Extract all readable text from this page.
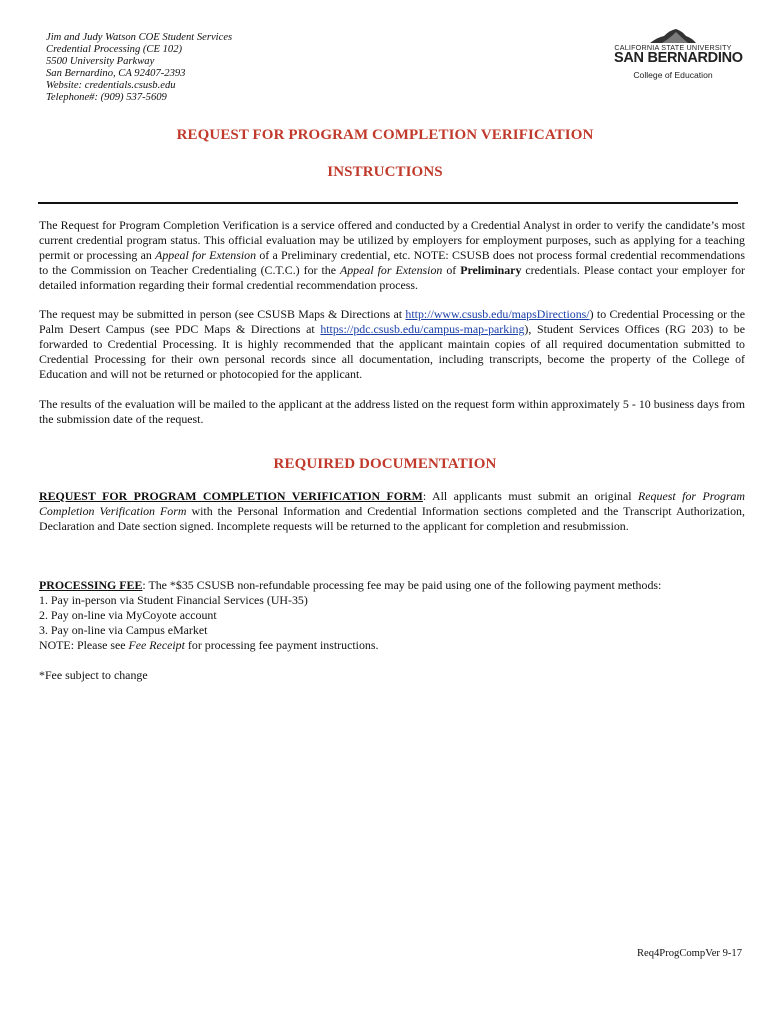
Jim and Judy Watson COE Student Services
Credential Processing (CE 102)
5500 University Parkway
San Bernardino, CA 92407-2393
Website: credentials.csusb.edu
Telephone#: (909) 537-5609
CALIFORNIA STATE UNIVERSITY
SAN BERNARDINO
College of Education
REQUEST FOR PROGRAM COMPLETION VERIFICATION
INSTRUCTIONS
The Request for Program Completion Verification is a service offered and conducted by a Credential Analyst in order to verify the candidate’s most current credential program status. This official evaluation may be utilized by employers for employment purposes, such as applying for a teaching permit or processing an Appeal for Extension of a Preliminary credential, etc. NOTE: CSUSB does not process formal credential recommendations to the Commission on Teacher Credentialing (C.T.C.) for the Appeal for Extension of Preliminary credentials. Please contact your employer for detailed information regarding their formal credential recommendation process.
The request may be submitted in person (see CSUSB Maps & Directions at http://www.csusb.edu/mapsDirections/) to Credential Processing or the Palm Desert Campus (see PDC Maps & Directions at https://pdc.csusb.edu/campus-map-parking), Student Services Offices (RG 203) to be forwarded to Credential Processing. It is highly recommended that the applicant maintain copies of all required documentation submitted to Credential Processing for their own personal records since all documentation, including transcripts, become the property of the College of Education and will not be returned or photocopied for the applicant.
The results of the evaluation will be mailed to the applicant at the address listed on the request form within approximately 5 - 10 business days from the submission date of the request.
REQUIRED DOCUMENTATION
REQUEST FOR PROGRAM COMPLETION VERIFICATION FORM: All applicants must submit an original Request for Program Completion Verification Form with the Personal Information and Credential Information sections completed and the Transcript Authorization, Declaration and Date section signed. Incomplete requests will be returned to the applicant for completion and resubmission.
PROCESSING FEE: The *$35 CSUSB non-refundable processing fee may be paid using one of the following payment methods:
1. Pay in-person via Student Financial Services (UH-35)
2. Pay on-line via MyCoyote account
3. Pay on-line via Campus eMarket
NOTE: Please see Fee Receipt for processing fee payment instructions.
*Fee subject to change
Req4ProgCompVer 9-17
